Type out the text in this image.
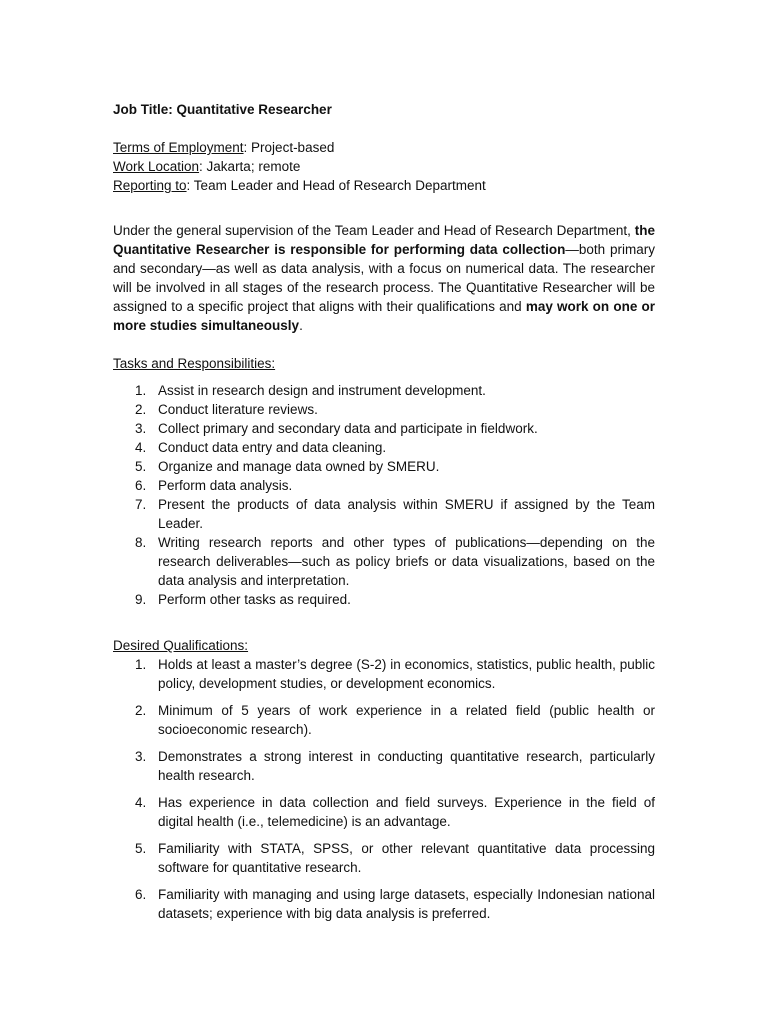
Job Title: Quantitative Researcher

Terms of Employment: Project-based

Work Location: Jakarta; remote

Reporting to: Team Leader and Head of Research Department

Under the general supervision of the Team Leader and Head of Research Department, the Quantitative Researcher is responsible for performing data collection—both primary and secondary—as well as data analysis, with a focus on numerical data. The researcher will be involved in all stages of the research process. The Quantitative Researcher will be assigned to a specific project that aligns with their qualifications and may work on one or more studies simultaneously.

Tasks and Responsibilities:

1. Assist in research design and instrument development.
2. Conduct literature reviews.
3. Collect primary and secondary data and participate in fieldwork.
4. Conduct data entry and data cleaning.
5. Organize and manage data owned by SMERU.
6. Perform data analysis.
7. Present the products of data analysis within SMERU if assigned by the Team Leader.
8. Writing research reports and other types of publications—depending on the research deliverables—such as policy briefs or data visualizations, based on the data analysis and interpretation.
9. Perform other tasks as required.

Desired Qualifications:

1. Holds at least a master’s degree (S-2) in economics, statistics, public health, public policy, development studies, or development economics.
2. Minimum of 5 years of work experience in a related field (public health or socioeconomic research).
3. Demonstrates a strong interest in conducting quantitative research, particularly health research.
4. Has experience in data collection and field surveys. Experience in the field of digital health (i.e., telemedicine) is an advantage.
5. Familiarity with STATA, SPSS, or other relevant quantitative data processing software for quantitative research.
6. Familiarity with managing and using large datasets, especially Indonesian national datasets; experience with big data analysis is preferred.
